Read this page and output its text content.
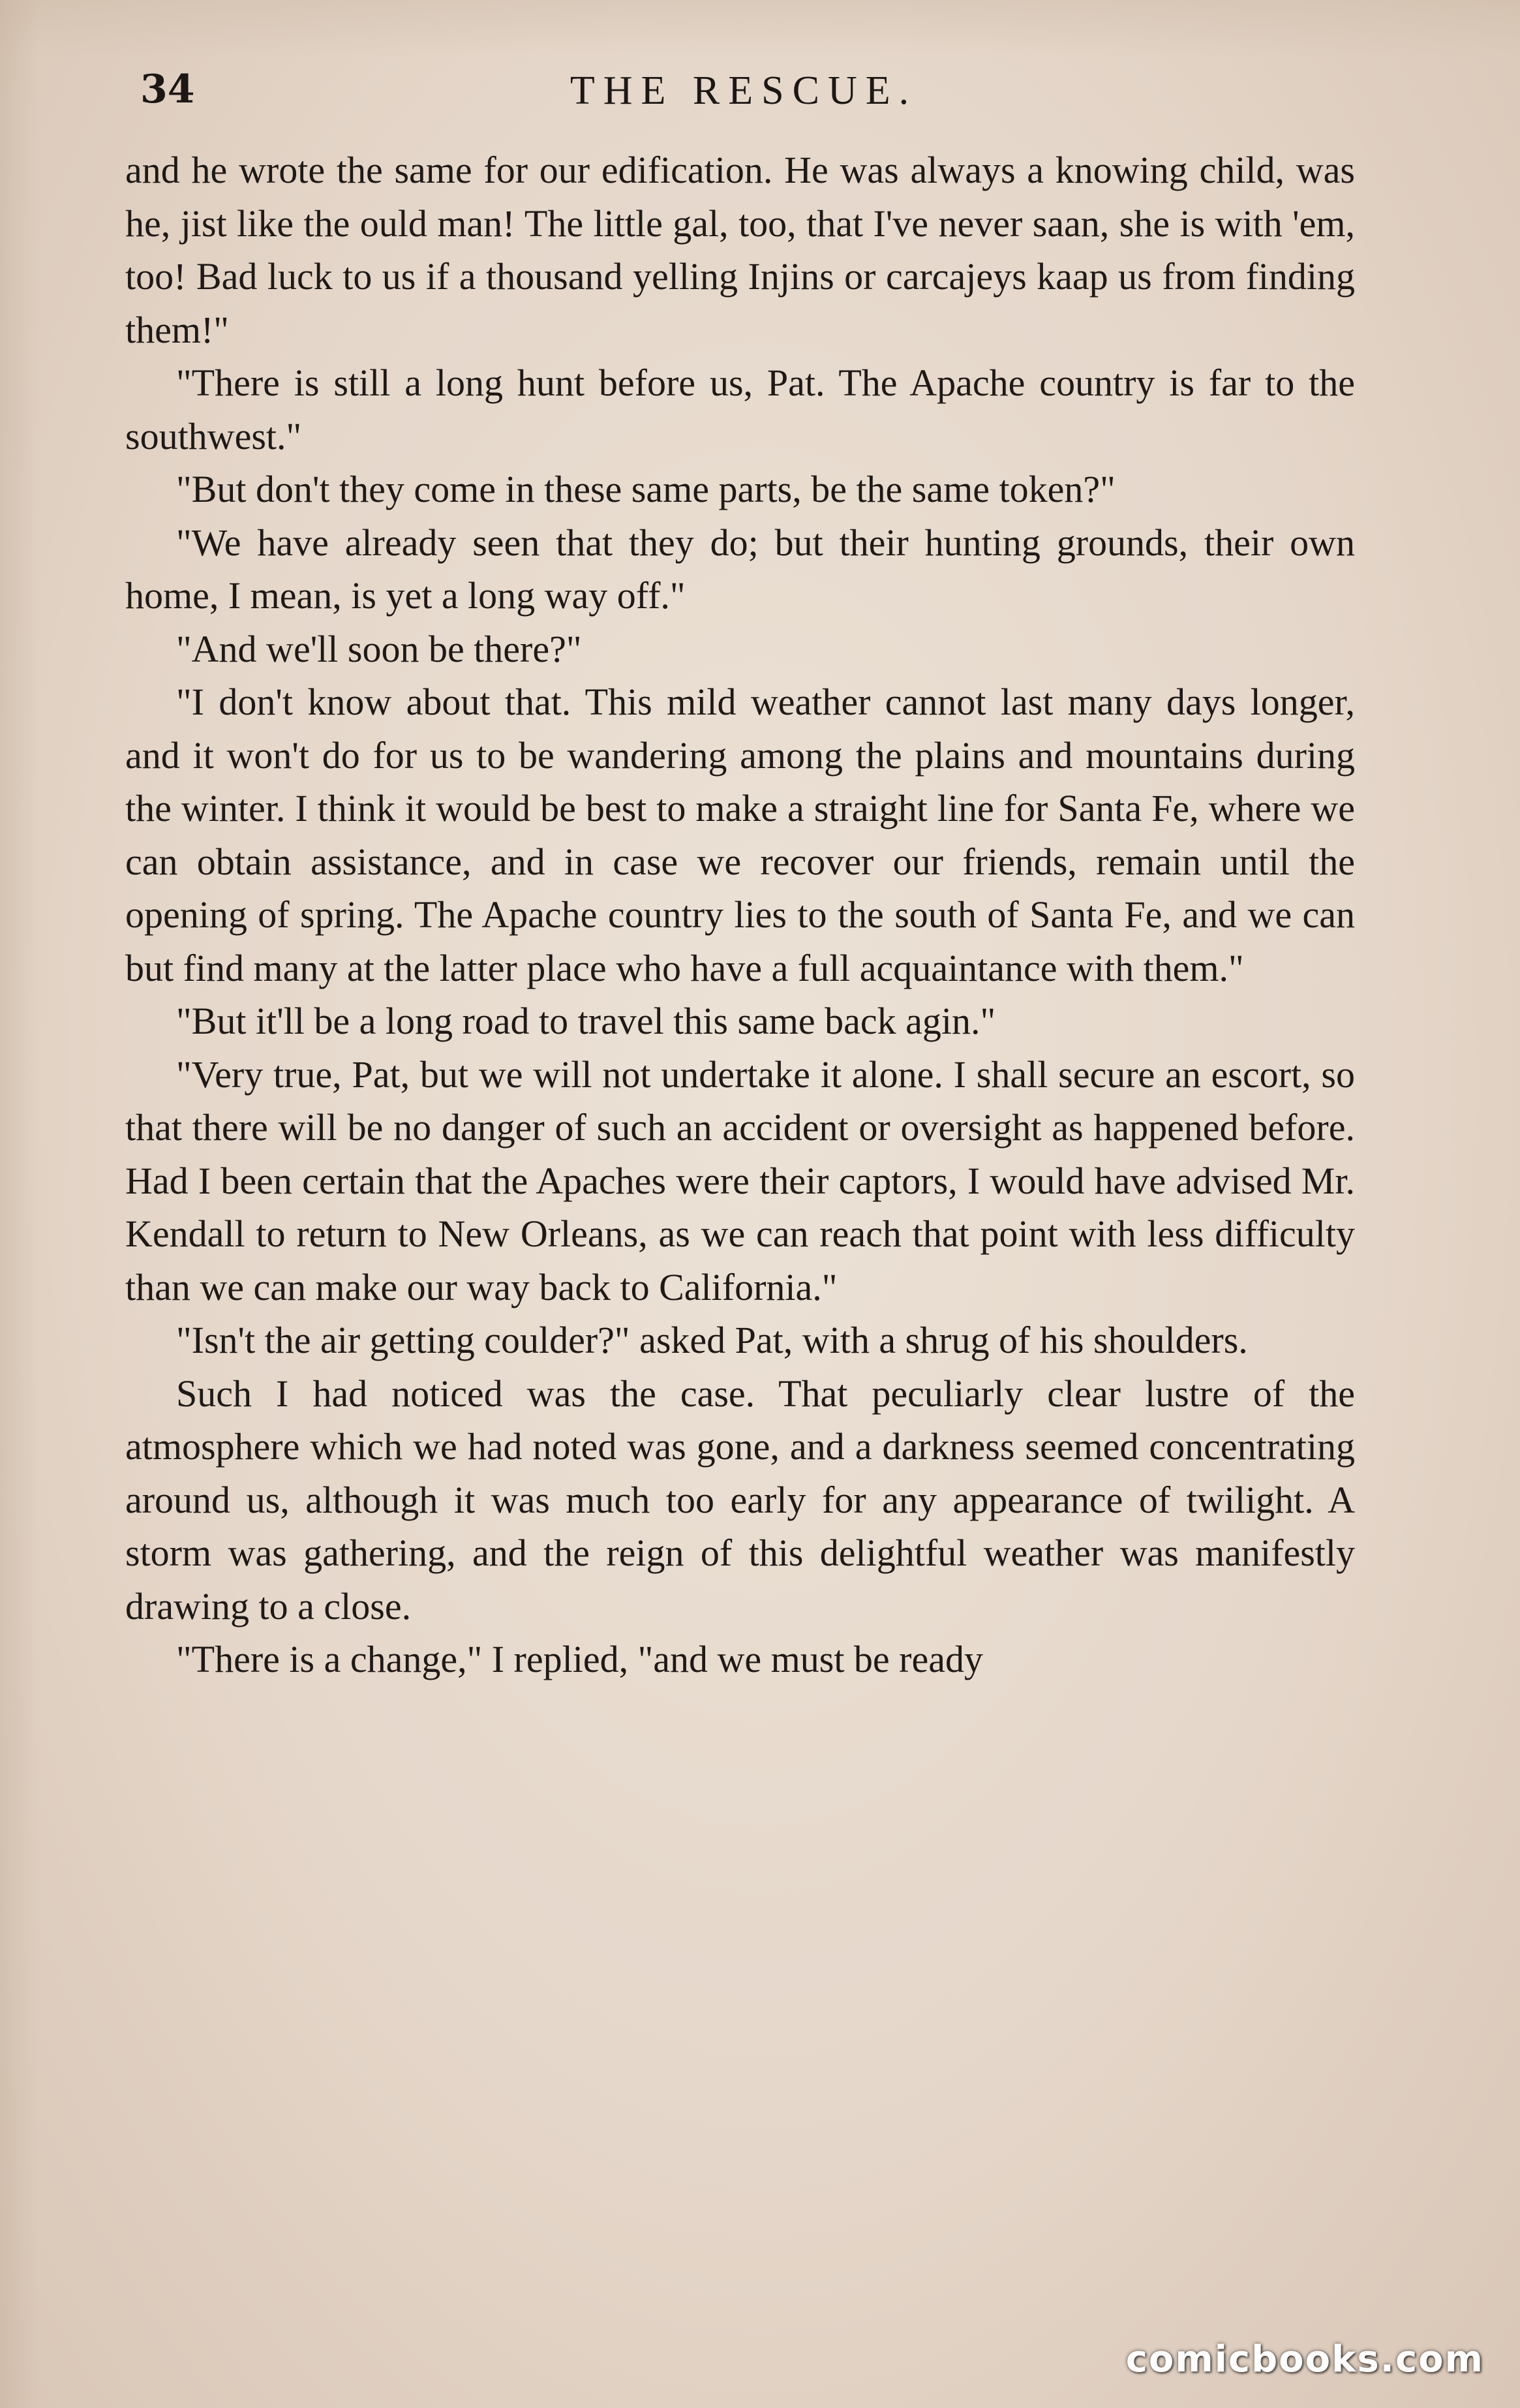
34	THE RESCUE.

and he wrote the same for our edification. He was always a knowing child, was he, jist like the ould man! The little gal, too, that I've never saan, she is with 'em, too! Bad luck to us if a thousand yelling Injins or carcajeys kaap us from finding them!"

"There is still a long hunt before us, Pat. The Apache country is far to the southwest."

"But don't they come in these same parts, be the same token?"

"We have already seen that they do; but their hunting grounds, their own home, I mean, is yet a long way off."

"And we'll soon be there?"

"I don't know about that. This mild weather cannot last many days longer, and it won't do for us to be wandering among the plains and mountains during the winter. I think it would be best to make a straight line for Santa Fe, where we can obtain assistance, and in case we recover our friends, remain until the opening of spring. The Apache country lies to the south of Santa Fe, and we can but find many at the latter place who have a full acquaintance with them."

"But it'll be a long road to travel this same back agin."

"Very true, Pat, but we will not undertake it alone. I shall secure an escort, so that there will be no danger of such an accident or oversight as happened before. Had I been certain that the Apaches were their captors, I would have advised Mr. Kendall to return to New Orleans, as we can reach that point with less difficulty than we can make our way back to California."

"Isn't the air getting coulder?" asked Pat, with a shrug of his shoulders.

Such I had noticed was the case. That peculiarly clear lustre of the atmosphere which we had noted was gone, and a darkness seemed concentrating around us, although it was much too early for any appearance of twilight. A storm was gathering, and the reign of this delightful weather was manifestly drawing to a close.

"There is a change," I replied, "and we must be ready

comicbooks.com
